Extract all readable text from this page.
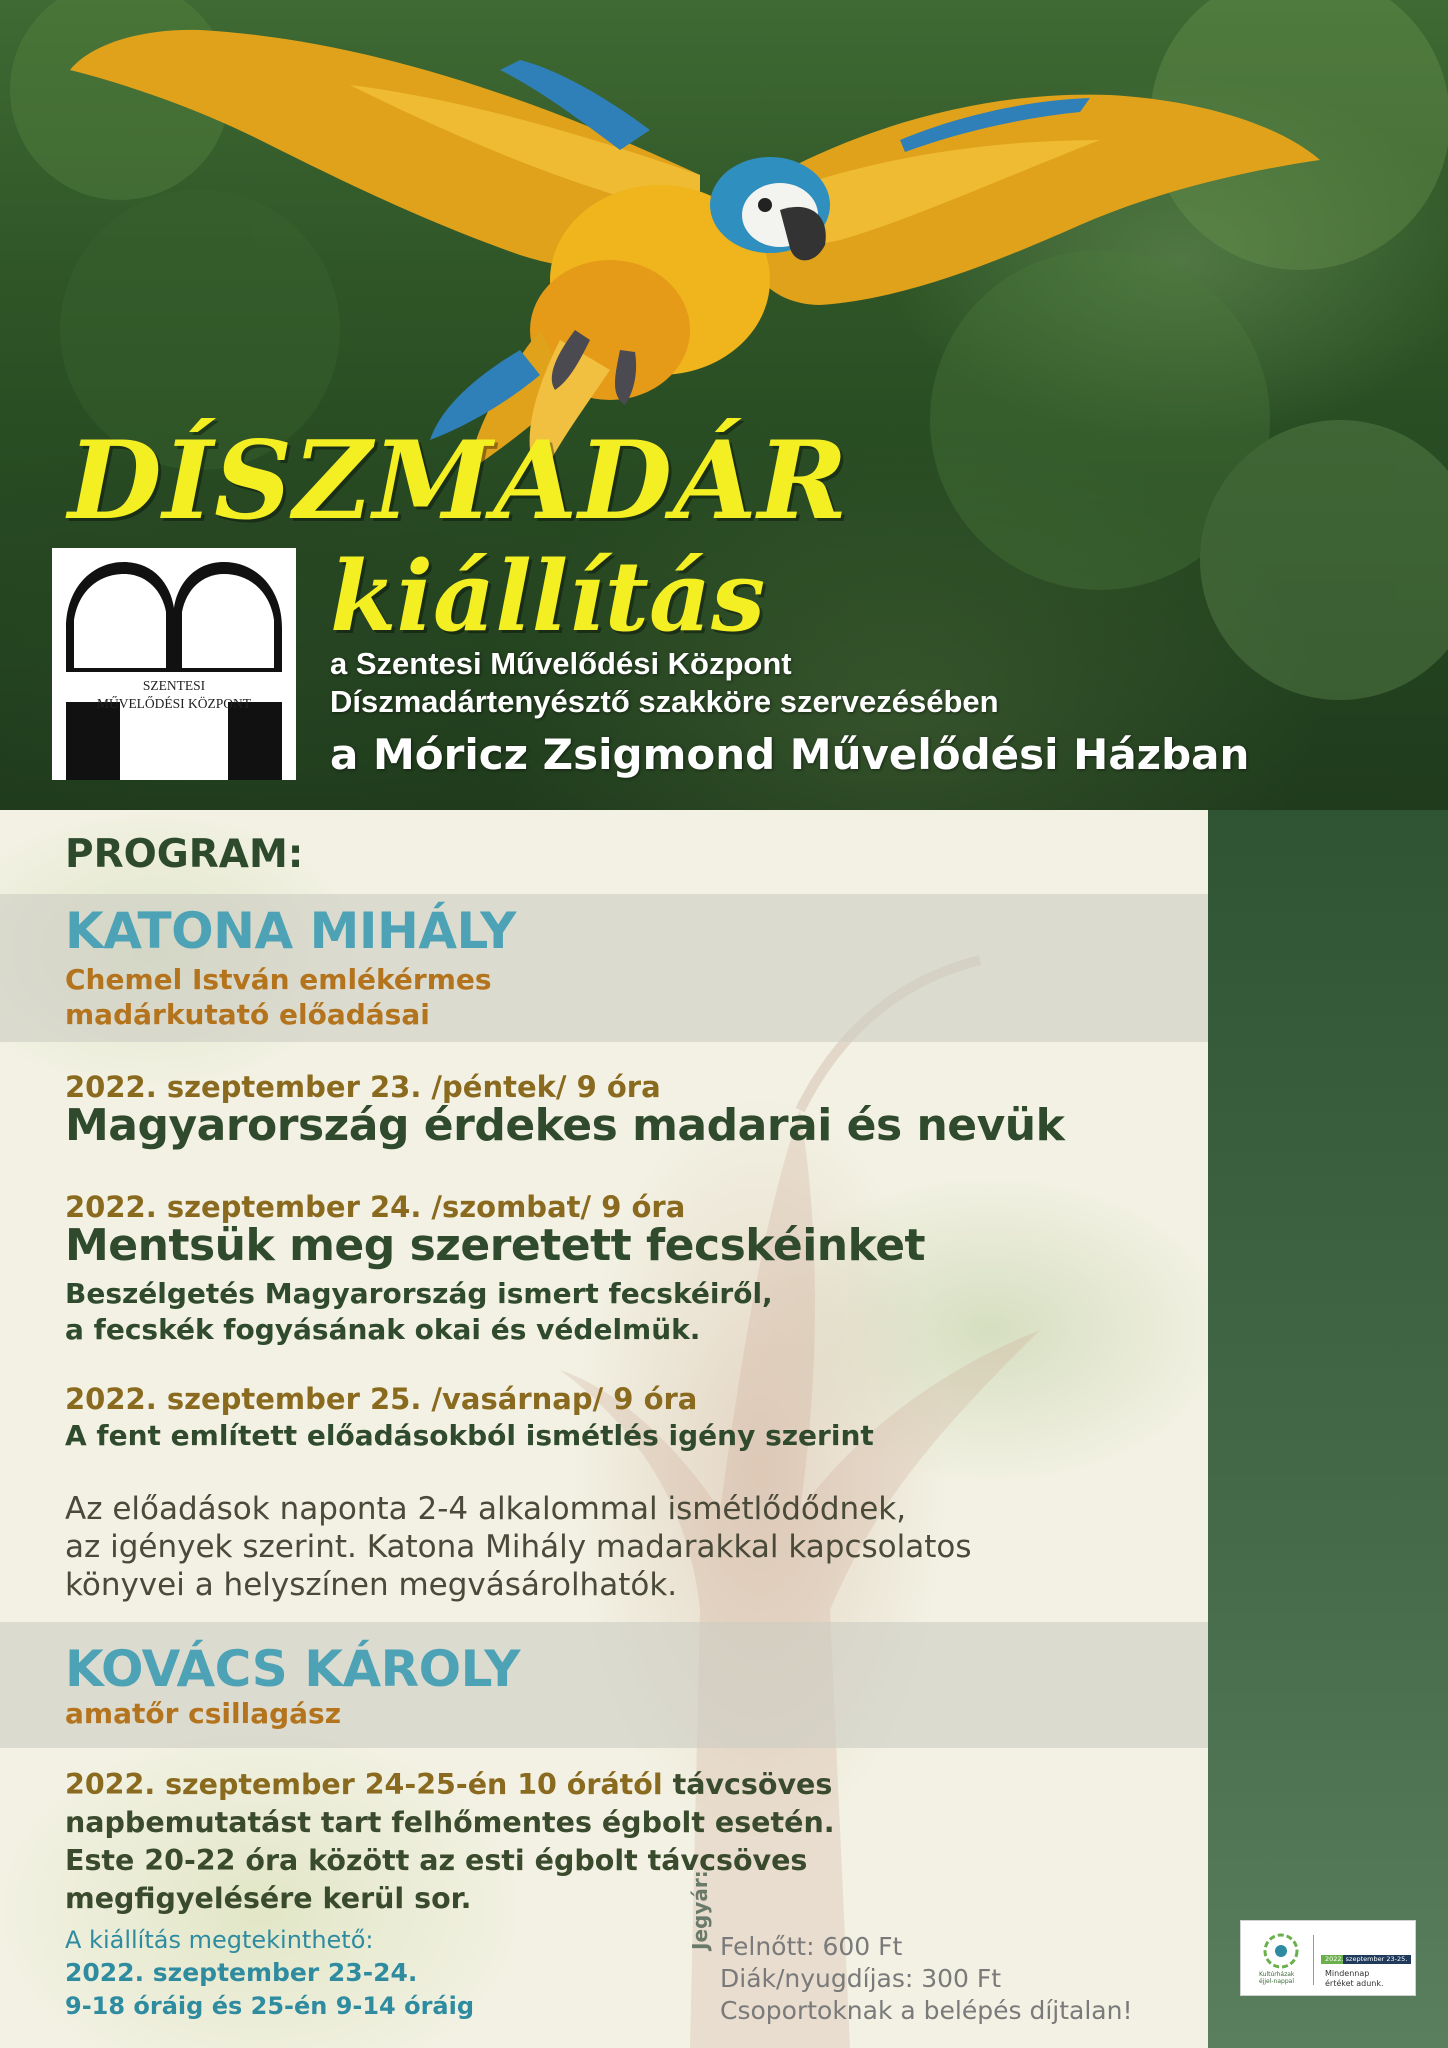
DÍSZMADÁR
kiállítás
SZENTESI
MŰVELŐDÉSI KÖZPONT
a Szentesi Művelődési Központ
Díszmadártenyésztő szakköre szervezésében
a Móricz Zsigmond Művelődési Házban
PROGRAM:
KATONA MIHÁLY
Chemel István emlékérmes
madárkutató előadásai
2022. szeptember 23. /péntek/ 9 óra
Magyarország érdekes madarai és nevük
2022. szeptember 24. /szombat/ 9 óra
Mentsük meg szeretett fecskéinket
Beszélgetés Magyarország ismert fecskéiről,
a fecskék fogyásának okai és védelmük.
2022. szeptember 25. /vasárnap/ 9 óra
A fent említett előadásokból ismétlés igény szerint
Az előadások naponta 2-4 alkalommal ismétlődődnek,
az igények szerint. Katona Mihály madarakkal kapcsolatos
könyvei a helyszínen megvásárolhatók.
KOVÁCS KÁROLY
amatőr csillagász
2022. szeptember 24-25-én 10 órától távcsöves
napbemutatást tart felhőmentes égbolt esetén.
Este 20-22 óra között az esti égbolt távcsöves
megfigyelésére kerül sor.
A kiállítás megtekinthető:
2022. szeptember 23-24.
9-18 óráig és 25-én 9-14 óráig
Jegyár: Felnőtt: 600 Ft
Diák/nyugdíjas: 300 Ft
Csoportoknak a belépés díjtalan!
Kultúrházak
éjjel-nappal
2022. szeptember 23-25.
Mindennap
értéket adunk.
